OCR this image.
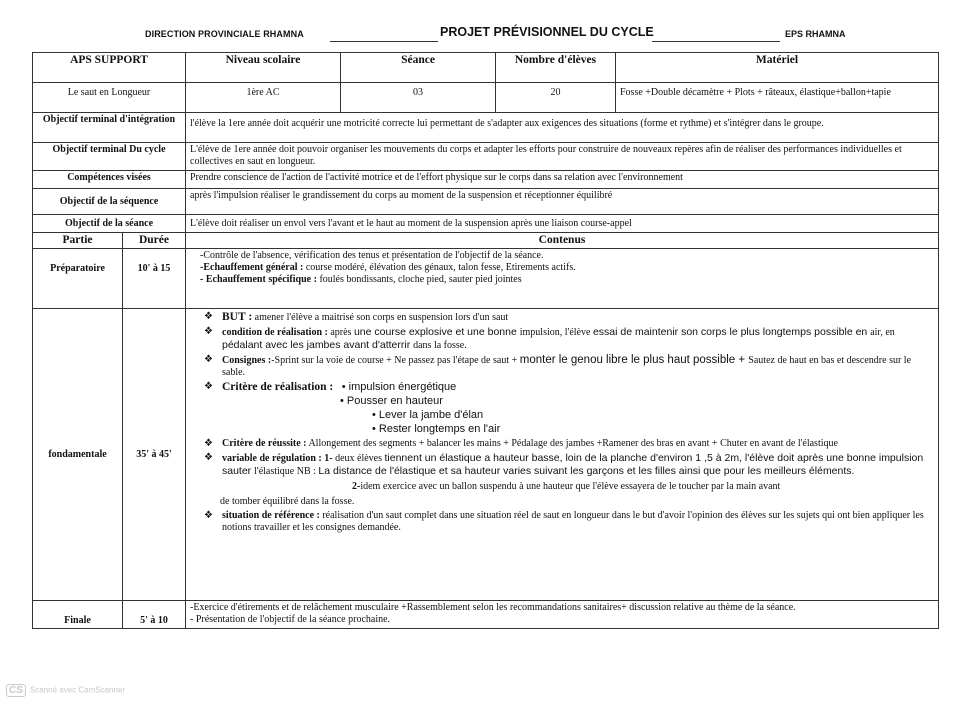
DIRECTION PROVINCIALE RHAMNA	PROJET PRÉVISIONNEL DU CYCLE	EPS RHAMNA
APS SUPPORT		Niveau scolaire	Séance	Nombre d'élèves	Matériel
Le saut en Longueur		1ère AC	03	20	Fosse +Double décamètre + Plots + râteaux, élastique+ballon+tapie
Objectif terminal d'intégration		l'élève la 1ere année doit acquérir une motricité correcte lui permettant de s'adapter aux exigences des situations (forme et rythme) et s'intégrer dans le groupe.			
Objectif terminal Du cycle		L'élève de 1ere année doit pouvoir organiser les mouvements du corps et adapter les efforts pour construire de nouveaux repères afin de réaliser des performances individuelles et collectives en saut en longueur.			
Compétences visées		Prendre conscience de l'action de l'activité motrice et de l'effort physique sur le corps dans sa relation avec l'environnement			
Objectif de la séquence		après l'impulsion réaliser le grandissement du corps au moment de la suspension et réceptionner équilibré			
Objectif de la séance		L'élève doit réaliser un envol vers l'avant et le haut au moment de la suspension après une liaison course-appel			
Partie	Durée	Contenus			
Préparatoire	10' à 15	-Contrôle de l'absence, vérification des tenus et présentation de l'objectif de la séance.
-Echauffement général : course modéré, élévation des génaux, talon fesse, Etirements actifs.
- Echauffement spécifique : foulés bondissants, cloche pied, sauter pied jointes			

fondamentale	35' à 45'	
❖ BUT : amener l'élève a maitrisé son corps en suspension lors d'un saut
❖ condition de réalisation : après une course explosive et une bonne impulsion, l'élève essai de maintenir son corps le plus longtemps possible en air, en pédalant avec les jambes avant d'atterrir dans la fosse.
❖ Consignes :-Sprint sur la voie de course + Ne passez pas l'étape de saut + monter le genou libre le plus haut possible + Sautez de haut en bas et descendre sur le sable.
❖ Critère de réalisation : • impulsion énergétique
• Pousser en hauteur
• Lever la jambe d'élan
• Rester longtemps en l'air
❖ Critère de réussite : Allongement des segments + balancer les mains + Pédalage des jambes +Ramener des bras en avant + Chuter en avant de l'élastique
❖ variable de régulation : 1- deux élèves tiennent un élastique a hauteur basse, loin de la planche d'environ 1 ,5 à 2m, l'élève doit après une bonne impulsion sauter l'élastique NB : La distance de l'élastique et sa hauteur varies suivant les garçons et les filles ainsi que pour les meilleurs éléments.
2-idem exercice avec un ballon suspendu à une hauteur que l'élève essayera de le toucher par la main avant
de tomber équilibré dans la fosse.
❖ situation de référence : réalisation d'un saut complet dans une situation réel de saut en longueur dans le but d'avoir l'opinion des élèves sur les sujets qui ont bien appliquer les notions travailler et les consignes demandée.

Finale	5' à 10	-Exercice d'étirements et de relâchement musculaire +Rassemblement selon les recommandations sanitaires+ discussion relative au thème de la séance.
- Présentation de l'objectif de la séance prochaine.			
CS Scanné avec CamScanner
